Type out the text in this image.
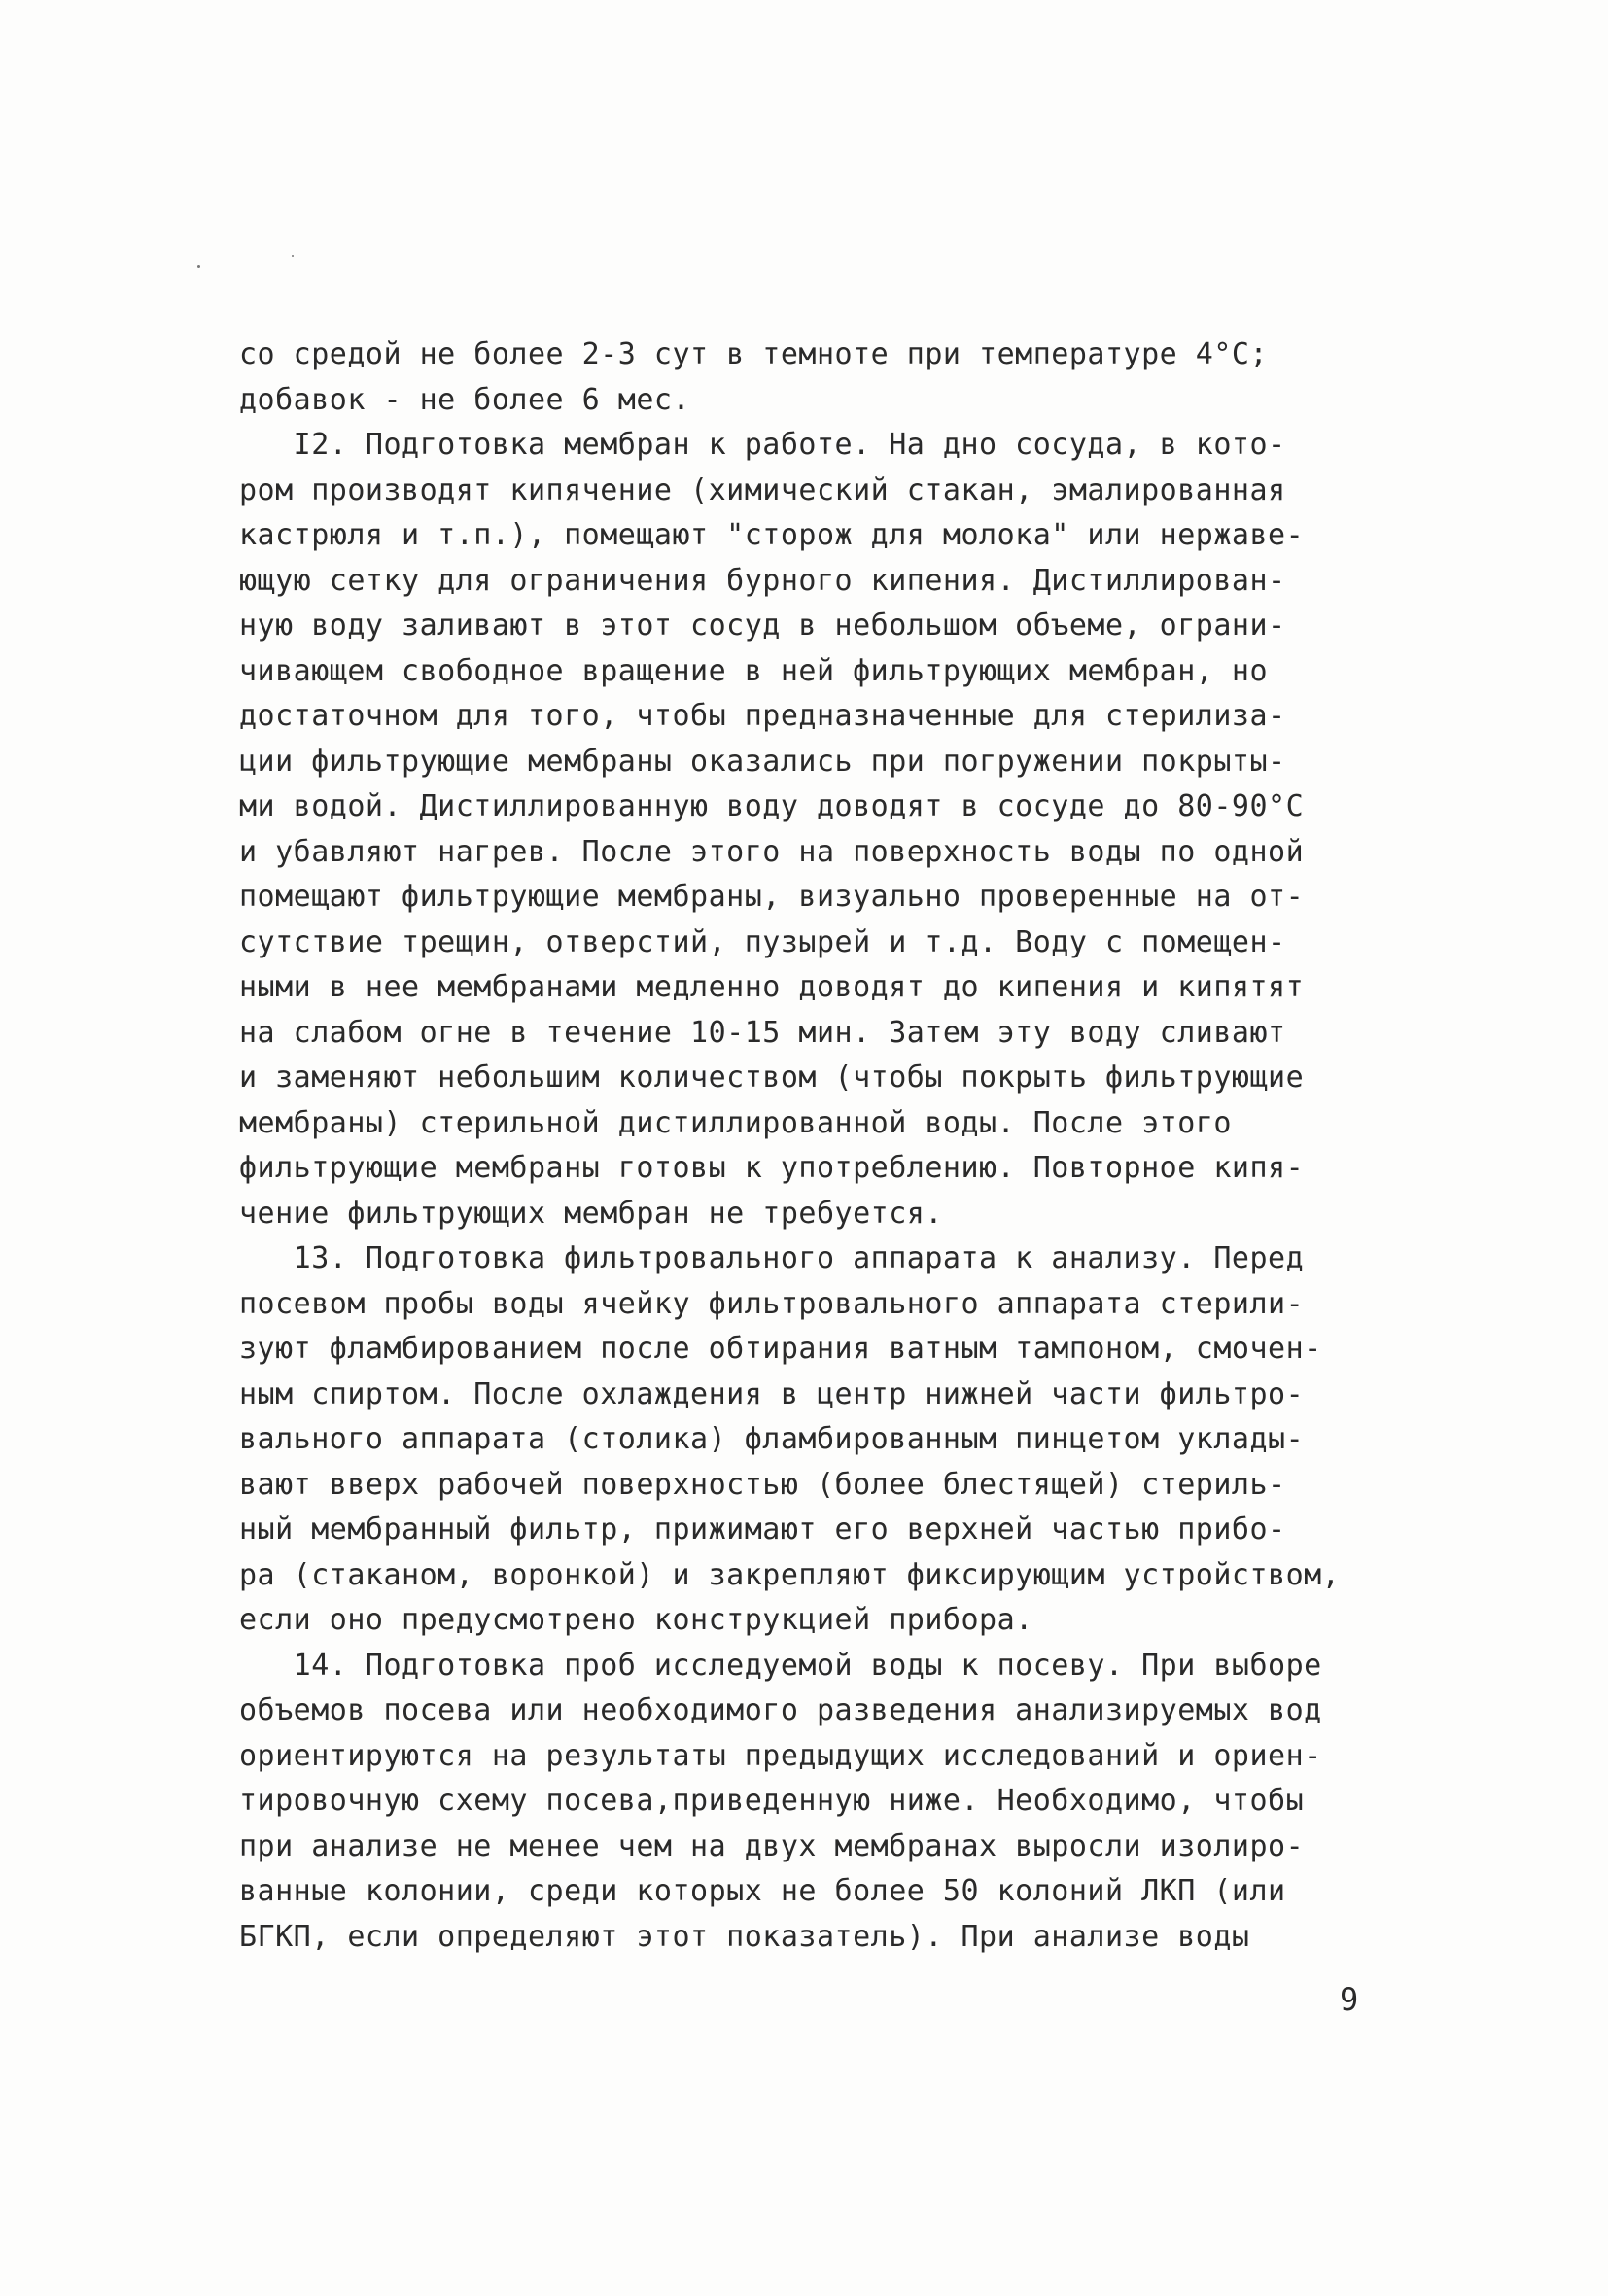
со средой не более 2-3 сут в темноте при температуре 4°С;
добавок - не более 6 мес.
I2. Подготовка мембран к работе. На дно сосуда, в кото-
ром производят кипячение (химический стакан, эмалированная
кастрюля и т.п.), помещают "сторож для молока" или нержаве-
ющую сетку для ограничения бурного кипения. Дистиллирован-
ную воду заливают в этот сосуд в небольшом объеме, ограни-
чивающем свободное вращение в ней фильтрующих мембран, но
достаточном для того, чтобы предназначенные для стерилиза-
ции фильтрующие мембраны оказались при погружении покрыты-
ми водой. Дистиллированную воду доводят в сосуде до 80-90°С
и убавляют нагрев. После этого на поверхность воды по одной
помещают фильтрующие мембраны, визуально проверенные на от-
сутствие трещин, отверстий, пузырей и т.д. Воду с помещен-
ными в нее мембранами медленно доводят до кипения и кипятят
на слабом огне в течение 10-15 мин. Затем эту воду сливают
и заменяют небольшим количеством (чтобы покрыть фильтрующие
мембраны) стерильной дистиллированной воды. После этого
фильтрующие мембраны готовы к употреблению. Повторное кипя-
чение фильтрующих мембран не требуется.
13. Подготовка фильтровального аппарата к анализу. Перед
посевом пробы воды ячейку фильтровального аппарата стерили-
зуют фламбированием после обтирания ватным тампоном, смочен-
ным спиртом. После охлаждения в центр нижней части фильтро-
вального аппарата (столика) фламбированным пинцетом уклады-
вают вверх рабочей поверхностью (более блестящей) стериль-
ный мембранный фильтр, прижимают его верхней частью прибо-
ра (стаканом, воронкой) и закрепляют фиксирующим устройством,
если оно предусмотрено конструкцией прибора.
14. Подготовка проб исследуемой воды к посеву. При выборе
объемов посева или необходимого разведения анализируемых вод
ориентируются на результаты предыдущих исследований и ориен-
тировочную схему посева,приведенную ниже. Необходимо, чтобы
при анализе не менее чем на двух мембранах выросли изолиро-
ванные колонии, среди которых не более 50 колоний ЛКП (или
БГКП, если определяют этот показатель). При анализе воды
9
